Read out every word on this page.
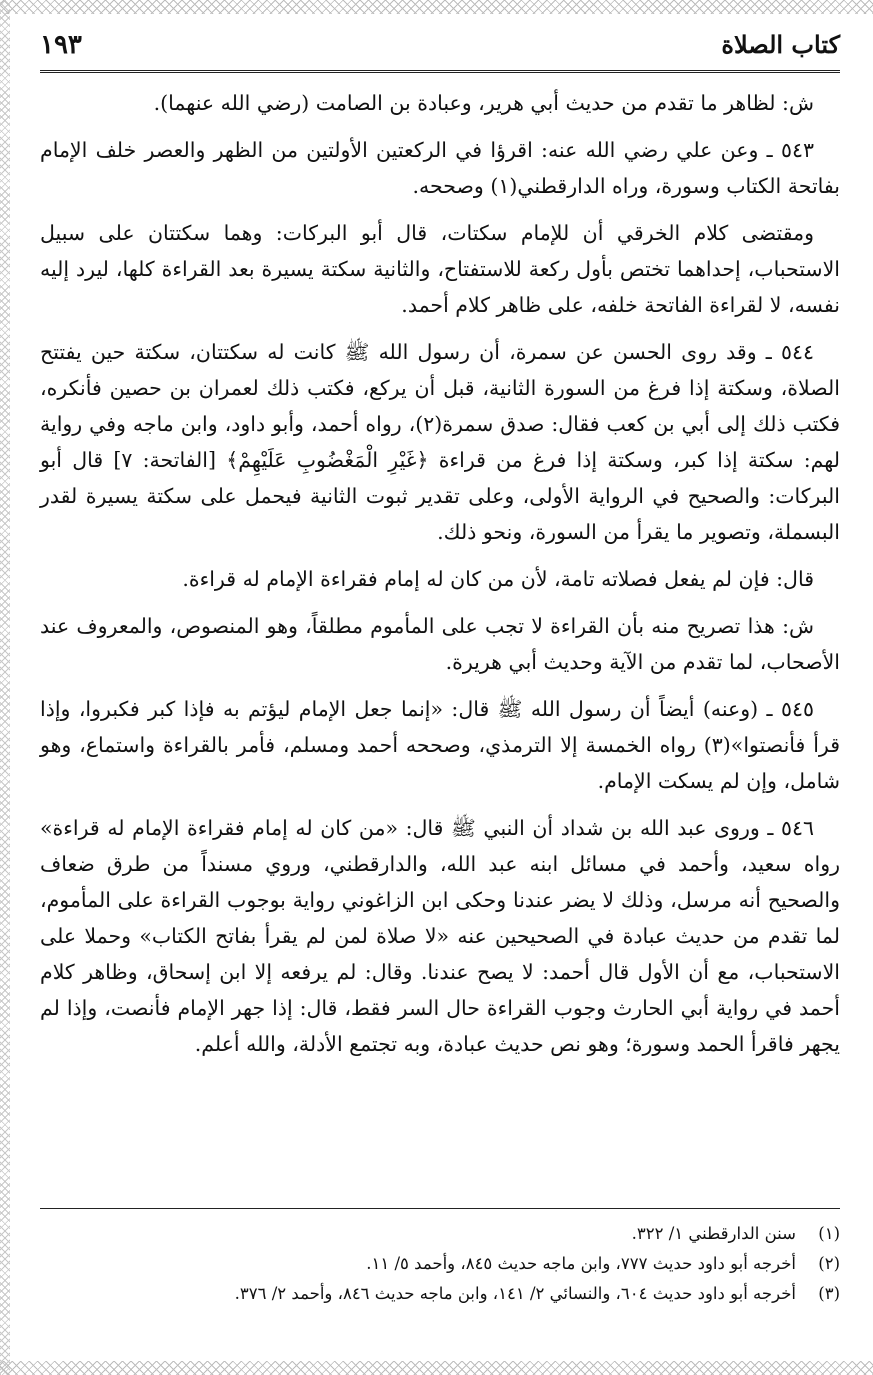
كتاب الصلاة
١٩٣

ش: لظاهر ما تقدم من حديث أبي هرير، وعبادة بن الصامت (رضي الله عنهما).

٥٤٣ ـ وعن علي رضي الله عنه: اقرؤا في الركعتين الأولتين من الظهر والعصر خلف الإمام بفاتحة الكتاب وسورة، وراه الدارقطني(١) وصححه.

ومقتضى كلام الخرقي أن للإمام سكتات، قال أبو البركات: وهما سكتتان على سبيل الاستحباب، إحداهما تختص بأول ركعة للاستفتاح، والثانية سكتة يسيرة بعد القراءة كلها، ليرد إليه نفسه، لا لقراءة الفاتحة خلفه، على ظاهر كلام أحمد.

٥٤٤ ـ وقد روى الحسن عن سمرة، أن رسول الله ﷺ كانت له سكتتان، سكتة حين يفتتح الصلاة، وسكتة إذا فرغ من السورة الثانية، قبل أن يركع، فكتب ذلك لعمران بن حصين فأنكره، فكتب ذلك إلى أبي بن كعب فقال: صدق سمرة(٢)، رواه أحمد، وأبو داود، وابن ماجه وفي رواية لهم: سكتة إذا كبر، وسكتة إذا فرغ من قراءة ﴿غَيْرِ الْمَغْضُوبِ عَلَيْهِمْ﴾ [الفاتحة: ٧] قال أبو البركات: والصحيح في الرواية الأولى، وعلى تقدير ثبوت الثانية فيحمل على سكتة يسيرة لقدر البسملة، وتصوير ما يقرأ من السورة، ونحو ذلك.

قال: فإن لم يفعل فصلاته تامة، لأن من كان له إمام فقراءة الإمام له قراءة.

ش: هذا تصريح منه بأن القراءة لا تجب على المأموم مطلقاً، وهو المنصوص، والمعروف عند الأصحاب، لما تقدم من الآية وحديث أبي هريرة.

٥٤٥ ـ (وعنه) أيضاً أن رسول الله ﷺ قال: «إنما جعل الإمام ليؤتم به فإذا كبر فكبروا، وإذا قرأ فأنصتوا»(٣) رواه الخمسة إلا الترمذي، وصححه أحمد ومسلم، فأمر بالقراءة واستماع، وهو شامل، وإن لم يسكت الإمام.

٥٤٦ ـ وروى عبد الله بن شداد أن النبي ﷺ قال: «من كان له إمام فقراءة الإمام له قراءة» رواه سعيد، وأحمد في مسائل ابنه عبد الله، والدارقطني، وروي مسنداً من طرق ضعاف والصحيح أنه مرسل، وذلك لا يضر عندنا وحكى ابن الزاغوني رواية بوجوب القراءة على المأموم، لما تقدم من حديث عبادة في الصحيحين عنه «لا صلاة لمن لم يقرأ بفاتح الكتاب» وحملا على الاستحباب، مع أن الأول قال أحمد: لا يصح عندنا. وقال: لم يرفعه إلا ابن إسحاق، وظاهر كلام أحمد في رواية أبي الحارث وجوب القراءة حال السر فقط، قال: إذا جهر الإمام فأنصت، وإذا لم يجهر فاقرأ الحمد وسورة؛ وهو نص حديث عبادة، وبه تجتمع الأدلة، والله أعلم.

(١)
سنن الدارقطني ١/ ٣٢٢.
(٢)
أخرجه أبو داود حديث ٧٧٧، وابن ماجه حديث ٨٤٥، وأحمد ٥/ ١١.
(٣)
أخرجه أبو داود حديث ٦٠٤، والنسائي ٢/ ١٤١، وابن ماجه حديث ٨٤٦، وأحمد ٢/ ٣٧٦.
